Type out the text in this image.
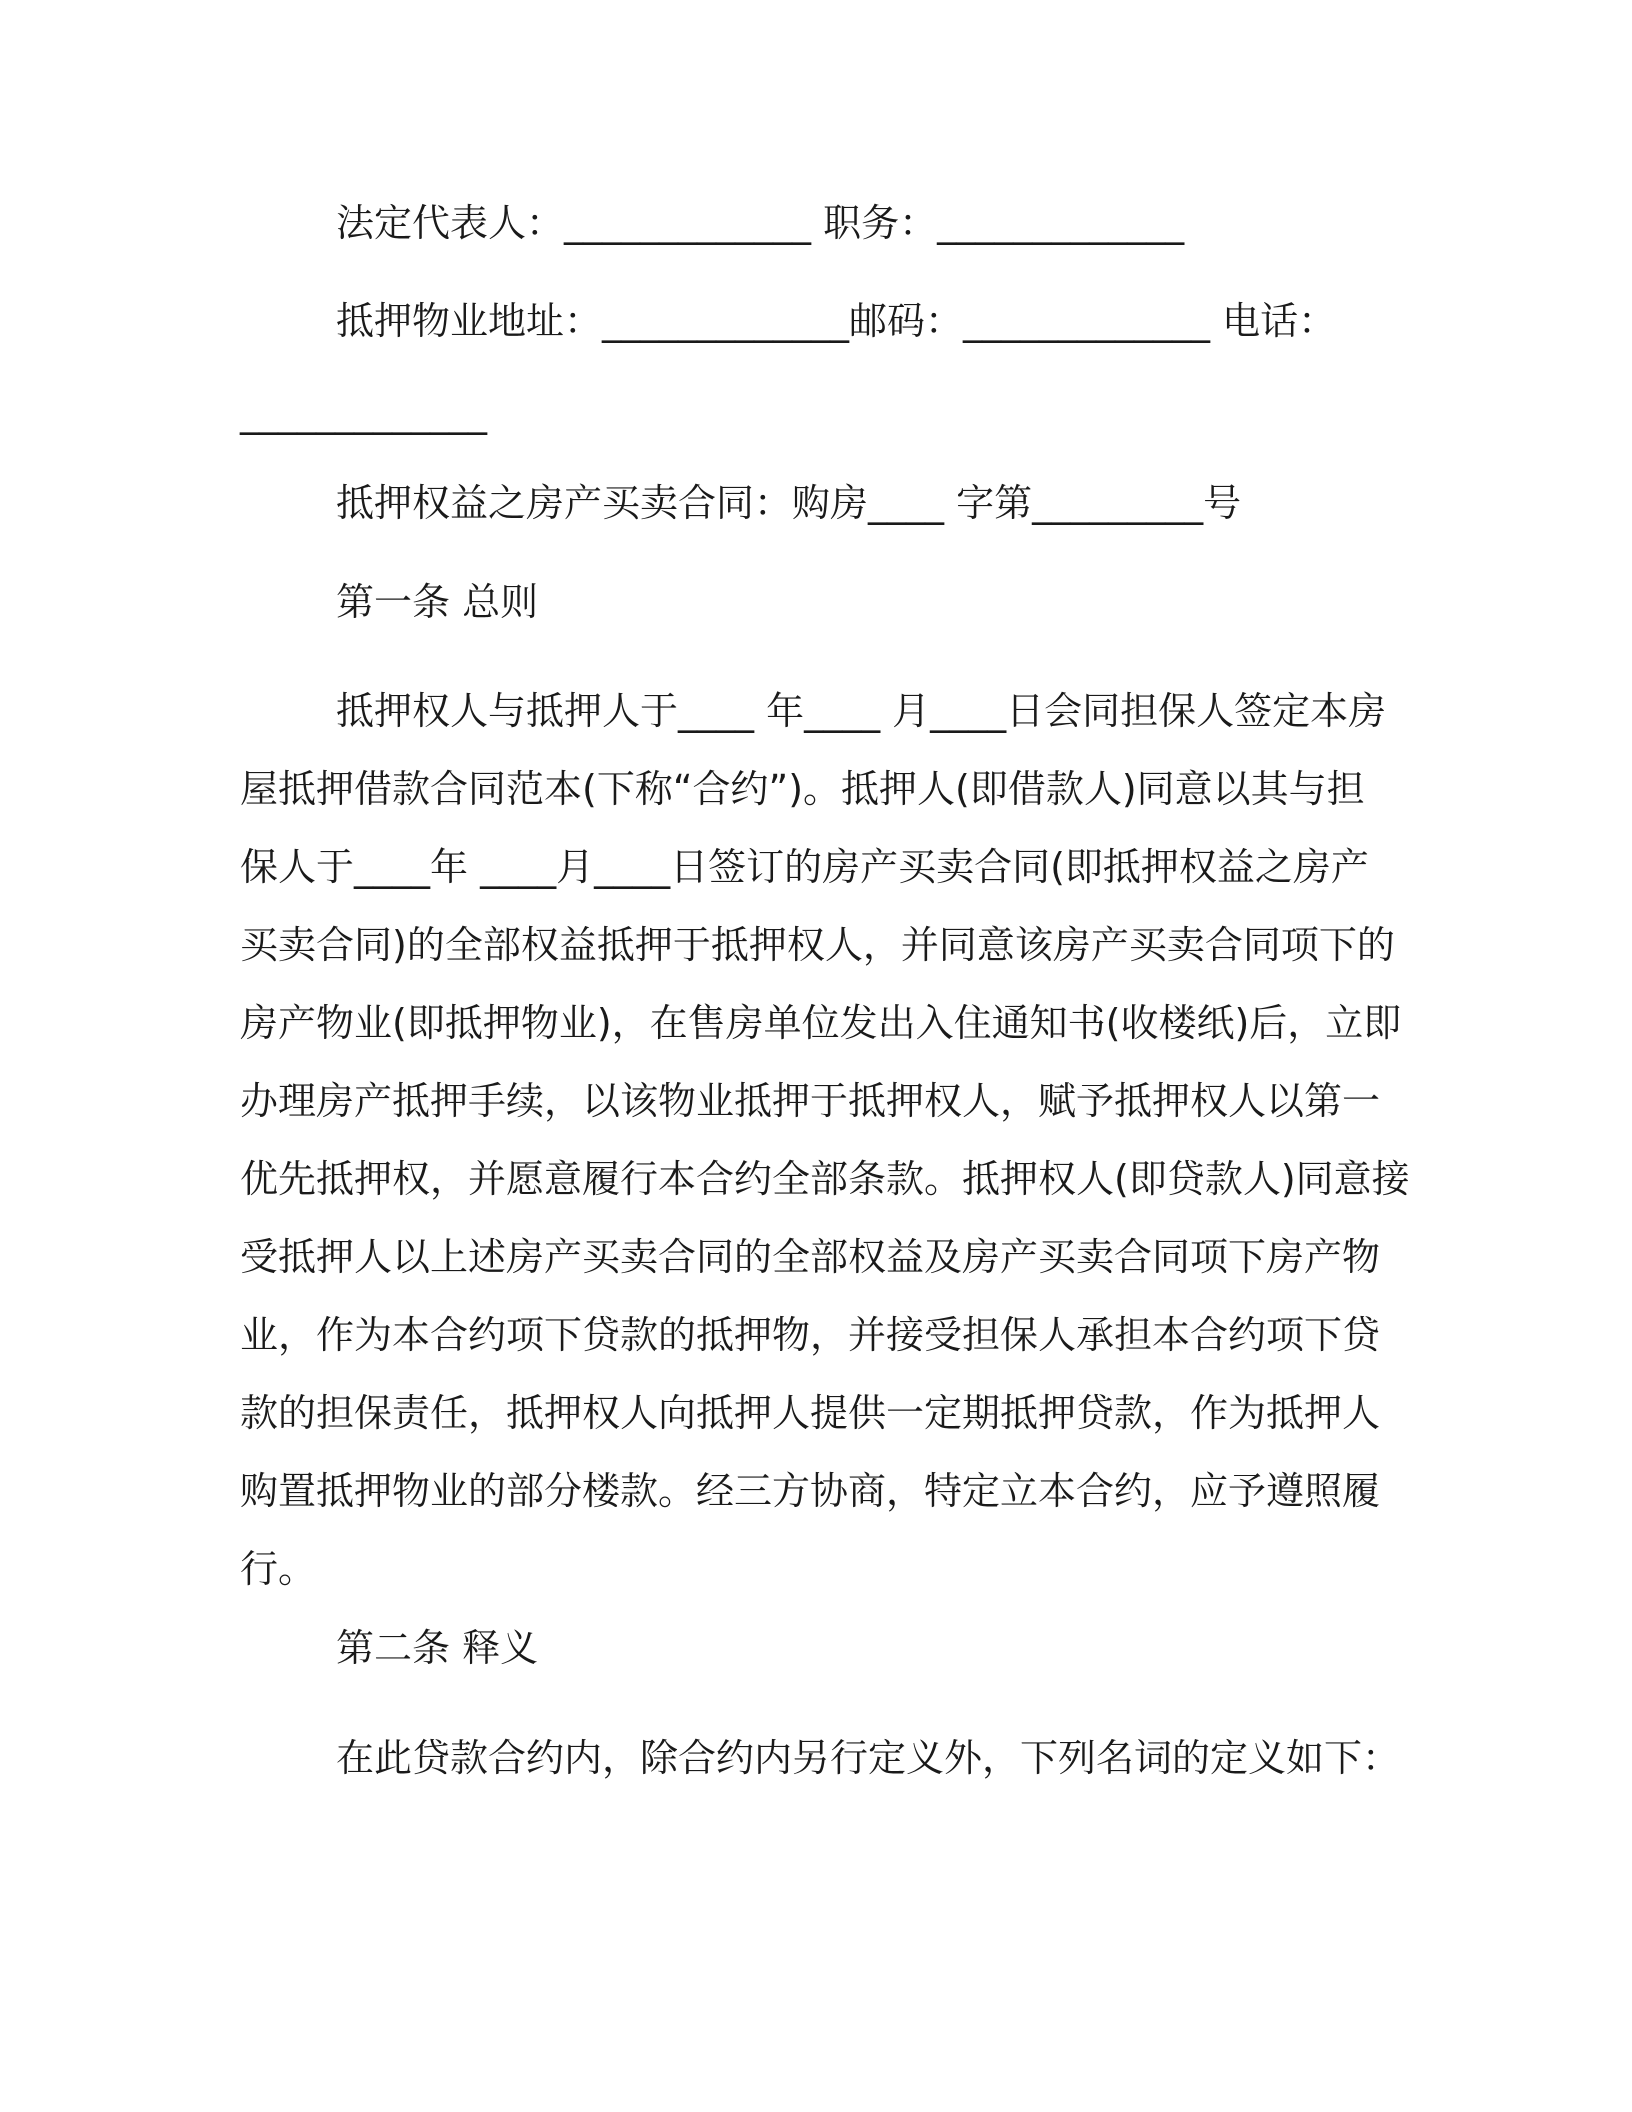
法定代表人：_____________ 职务：_____________
抵押物业地址：_____________邮码：_____________ 电话：
_____________
抵押权益之房产买卖合同：购房____ 字第_________号
第一条 总则
抵押权人与抵押人于____ 年____ 月____日会同担保人签定本房
屋抵押借款合同范本(下称“合约”)。抵押人(即借款人)同意以其与担
保人于____年 ____月____日签订的房产买卖合同(即抵押权益之房产
买卖合同)的全部权益抵押于抵押权人，并同意该房产买卖合同项下的
房产物业(即抵押物业)，在售房单位发出入住通知书(收楼纸)后，立即
办理房产抵押手续，以该物业抵押于抵押权人，赋予抵押权人以第一
优先抵押权，并愿意履行本合约全部条款。抵押权人(即贷款人)同意接
受抵押人以上述房产买卖合同的全部权益及房产买卖合同项下房产物
业，作为本合约项下贷款的抵押物，并接受担保人承担本合约项下贷
款的担保责任，抵押权人向抵押人提供一定期抵押贷款，作为抵押人
购置抵押物业的部分楼款。经三方协商，特定立本合约，应予遵照履
行。
第二条 释义
在此贷款合约内，除合约内另行定义外，下列名词的定义如下：
